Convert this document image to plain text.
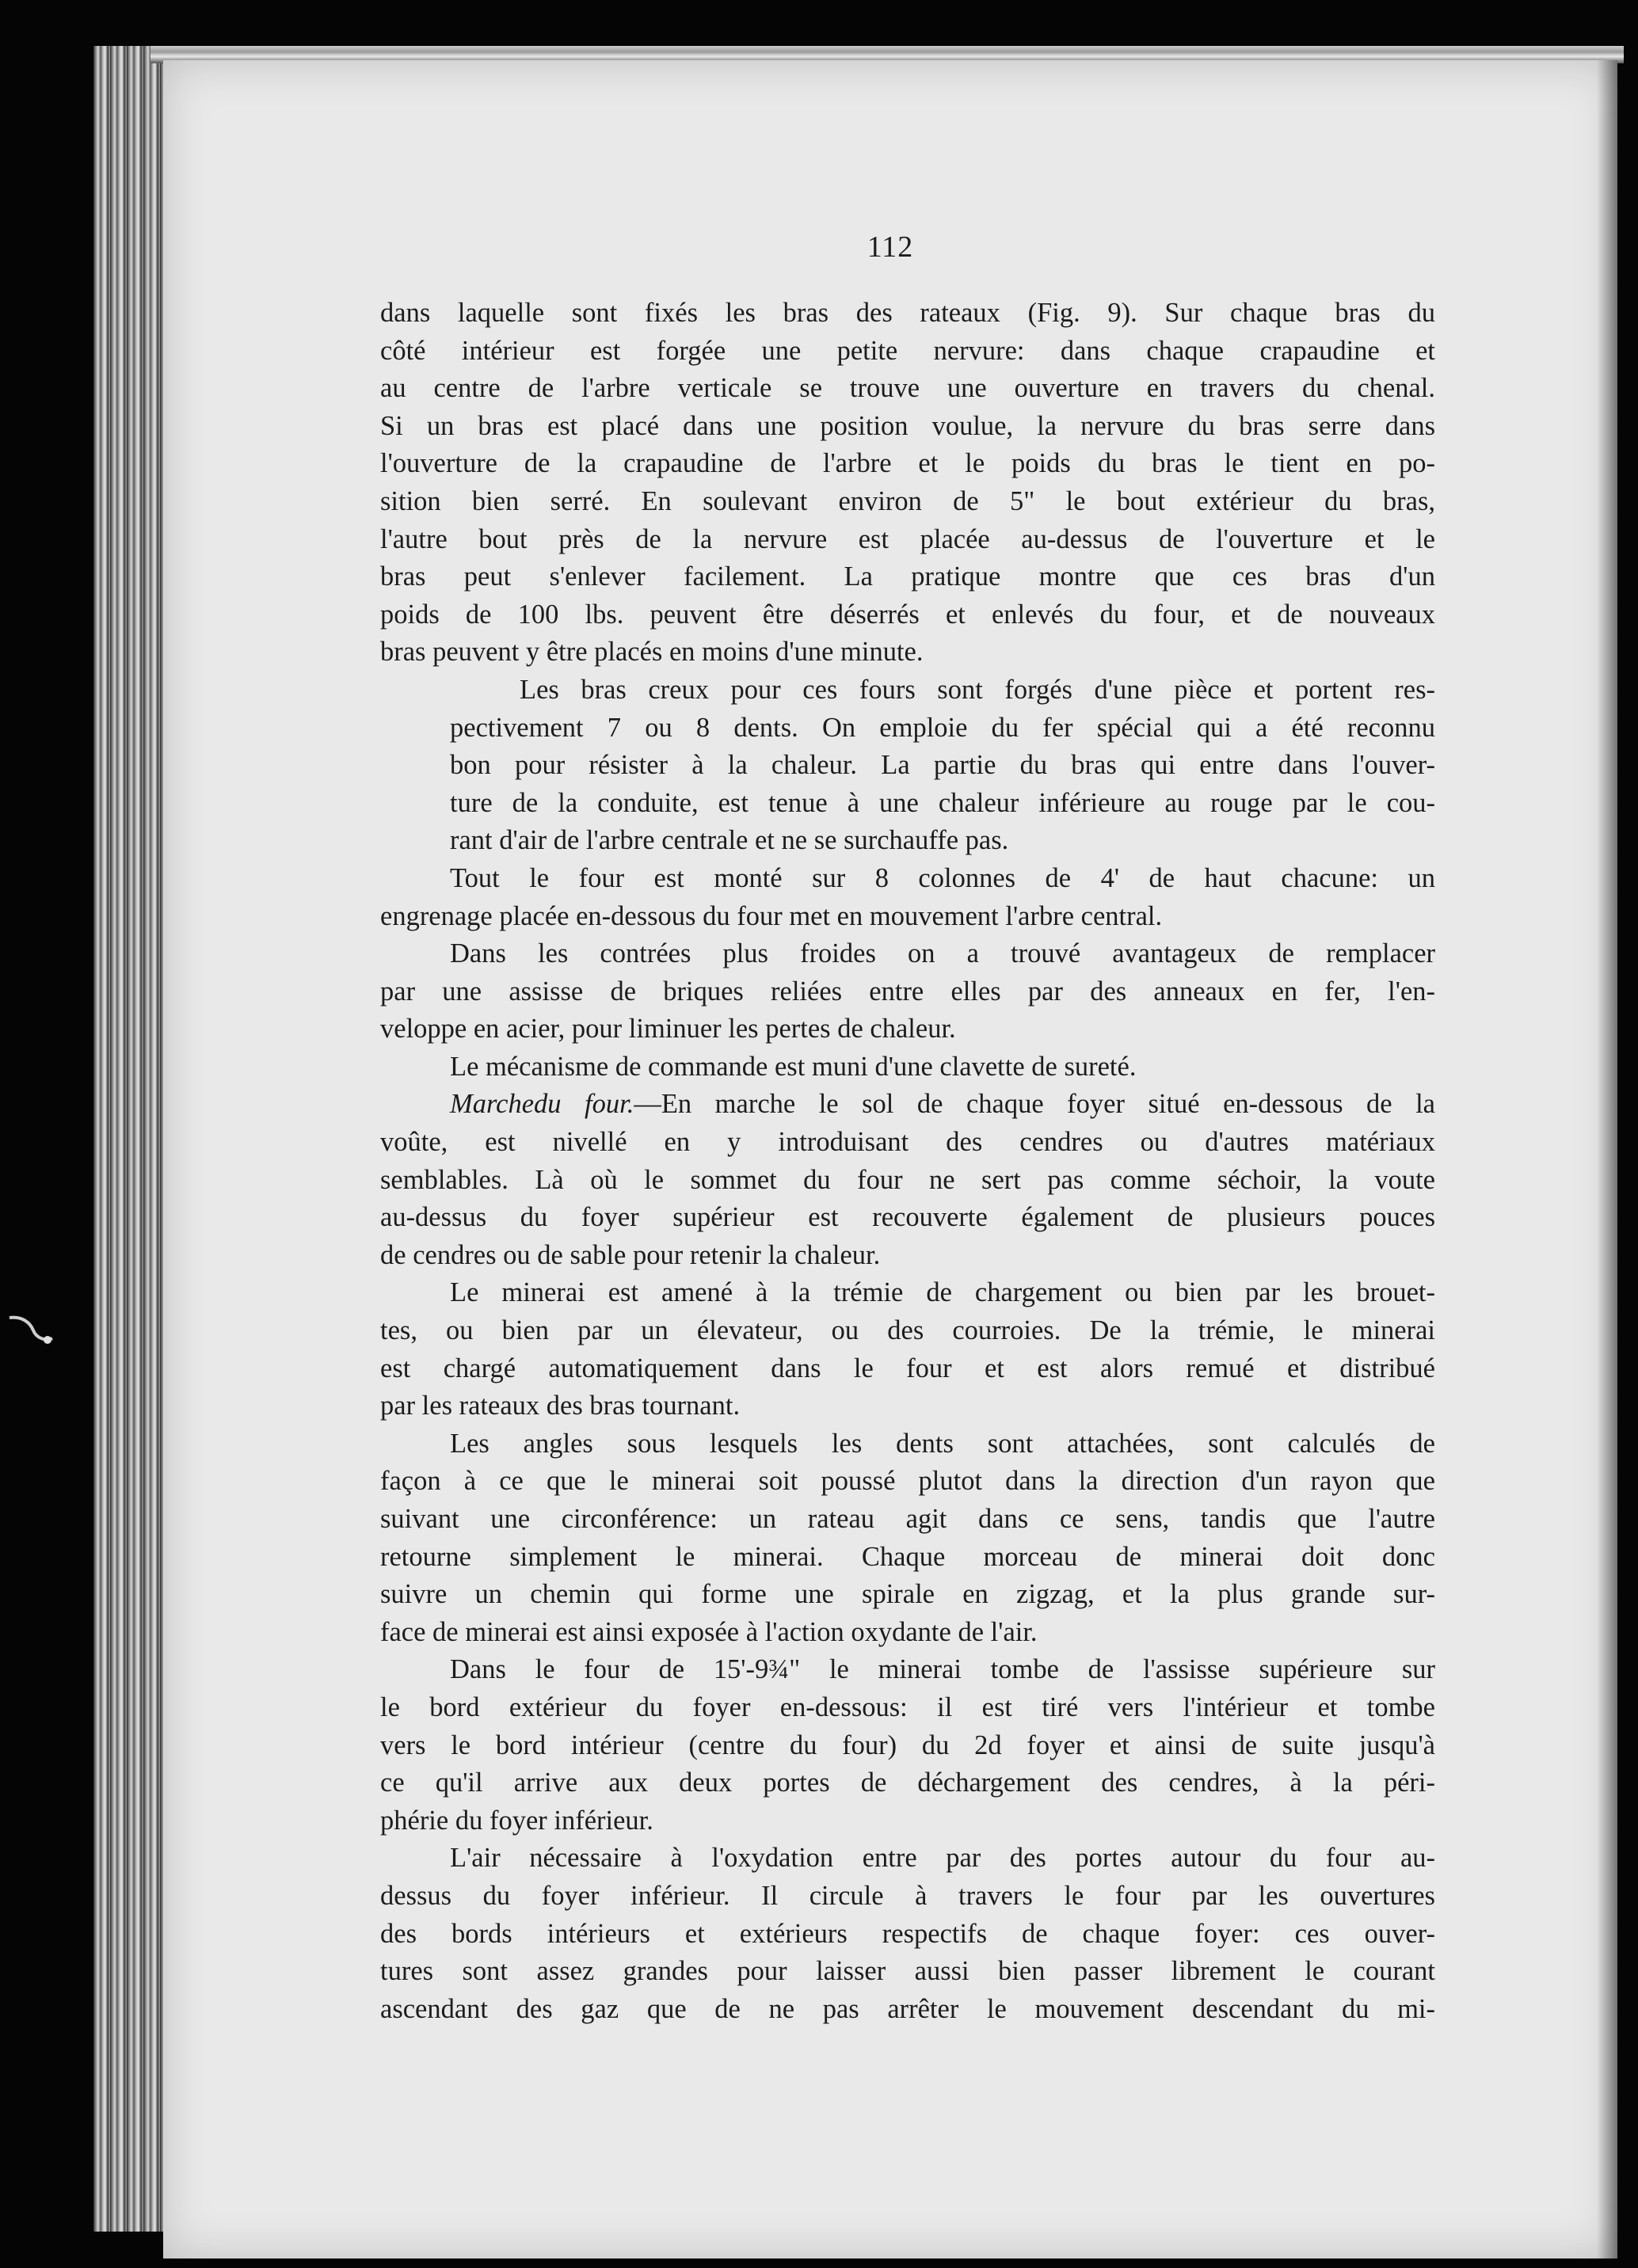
112

dans laquelle sont fixés les bras des rateaux (Fig. 9). Sur chaque bras du
côté intérieur est forgée une petite nervure: dans chaque crapaudine et
au centre de l'arbre verticale se trouve une ouverture en travers du chenal.
Si un bras est placé dans une position voulue, la nervure du bras serre dans
l'ouverture de la crapaudine de l'arbre et le poids du bras le tient en po-
sition bien serré. En soulevant environ de 5" le bout extérieur du bras,
l'autre bout près de la nervure est placée au-dessus de l'ouverture et le
bras peut s'enlever facilement. La pratique montre que ces bras d'un
poids de 100 lbs. peuvent être déserrés et enlevés du four, et de nouveaux
bras peuvent y être placés en moins d'une minute.

Les bras creux pour ces fours sont forgés d'une pièce et portent res-
pectivement 7 ou 8 dents. On emploie du fer spécial qui a été reconnu
bon pour résister à la chaleur. La partie du bras qui entre dans l'ouver-
ture de la conduite, est tenue à une chaleur inférieure au rouge par le cou-
rant d'air de l'arbre centrale et ne se surchauffe pas.

Tout le four est monté sur 8 colonnes de 4' de haut chacune: un
engrenage placée en-dessous du four met en mouvement l'arbre central.

Dans les contrées plus froides on a trouvé avantageux de remplacer
par une assisse de briques reliées entre elles par des anneaux en fer, l'en-
veloppe en acier, pour liminuer les pertes de chaleur.

Le mécanisme de commande est muni d'une clavette de sureté.

Marchedu four.—En marche le sol de chaque foyer situé en-dessous de la
voûte, est nivellé en y introduisant des cendres ou d'autres matériaux
semblables. Là où le sommet du four ne sert pas comme séchoir, la voute
au-dessus du foyer supérieur est recouverte également de plusieurs pouces
de cendres ou de sable pour retenir la chaleur.

Le minerai est amené à la trémie de chargement ou bien par les brouet-
tes, ou bien par un élevateur, ou des courroies. De la trémie, le minerai
est chargé automatiquement dans le four et est alors remué et distribué
par les rateaux des bras tournant.

Les angles sous lesquels les dents sont attachées, sont calculés de
façon à ce que le minerai soit poussé plutot dans la direction d'un rayon que
suivant une circonférence: un rateau agit dans ce sens, tandis que l'autre
retourne simplement le minerai. Chaque morceau de minerai doit donc
suivre un chemin qui forme une spirale en zigzag, et la plus grande sur-
face de minerai est ainsi exposée à l'action oxydante de l'air.

Dans le four de 15'-9¾" le minerai tombe de l'assisse supérieure sur
le bord extérieur du foyer en-dessous: il est tiré vers l'intérieur et tombe
vers le bord intérieur (centre du four) du 2d foyer et ainsi de suite jusqu'à
ce qu'il arrive aux deux portes de déchargement des cendres, à la péri-
phérie du foyer inférieur.

L'air nécessaire à l'oxydation entre par des portes autour du four au-
dessus du foyer inférieur. Il circule à travers le four par les ouvertures
des bords intérieurs et extérieurs respectifs de chaque foyer: ces ouver-
tures sont assez grandes pour laisser aussi bien passer librement le courant
ascendant des gaz que de ne pas arrêter le mouvement descendant du mi-
